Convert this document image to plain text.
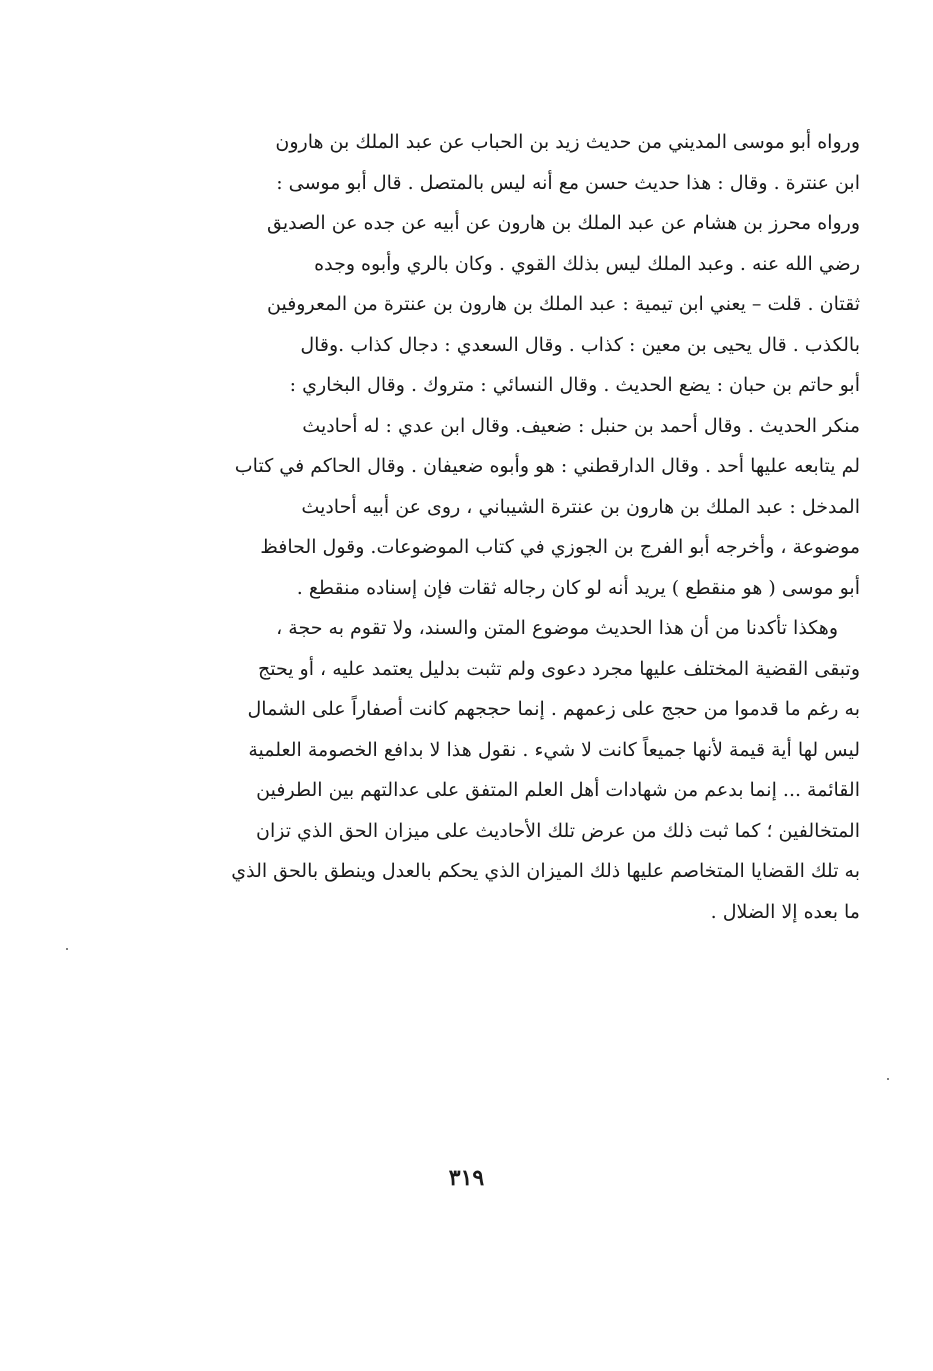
ورواه أبو موسى المديني من حديث زيد بن الحباب عن عبد الملك بن هارون
ابن عنترة . وقال : هذا حديث حسن مع أنه ليس بالمتصل . قال أبو موسى :
ورواه محرز بن هشام عن عبد الملك بن هارون عن أبيه عن جده عن الصديق
رضي الله عنه . وعبد الملك ليس بذلك القوي . وكان بالري وأبوه وجده
ثقتان . قلت – يعني ابن تيمية : عبد الملك بن هارون بن عنترة من المعروفين
بالكذب . قال يحيى بن معين : كذاب . وقال السعدي : دجال كذاب .وقال
أبو حاتم بن حبان : يضع الحديث . وقال النسائي : متروك . وقال البخاري :
منكر الحديث . وقال أحمد بن حنبل : ضعيف. وقال ابن عدي : له أحاديث
لم يتابعه عليها أحد . وقال الدارقطني : هو وأبوه ضعيفان . وقال الحاكم في كتاب
المدخل : عبد الملك بن هارون بن عنترة الشيباني ، روى عن أبيه أحاديث
موضوعة ، وأخرجه أبو الفرج بن الجوزي في كتاب الموضوعات. وقول الحافظ
أبو موسى ( هو منقطع ) يريد أنه لو كان رجاله ثقات فإن إسناده منقطع .
وهكذا تأكدنا من أن هذا الحديث موضوع المتن والسند، ولا تقوم به حجة ،
وتبقى القضية المختلف عليها مجرد دعوى ولم تثبت بدليل يعتمد عليه ، أو يحتج
به رغم ما قدموا من حجج على زعمهم . إنما حججهم كانت أصفاراً على الشمال
ليس لها أية قيمة لأنها جميعاً كانت لا شيء . نقول هذا لا بدافع الخصومة العلمية
القائمة ... إنما بدعم من شهادات أهل العلم المتفق على عدالتهم بين الطرفين
المتخالفين ؛ كما ثبت ذلك من عرض تلك الأحاديث على ميزان الحق الذي تزان
به تلك القضايا المتخاصم عليها ذلك الميزان الذي يحكم بالعدل وينطق بالحق الذي
ما بعده إلا الضلال .
٣١٩
